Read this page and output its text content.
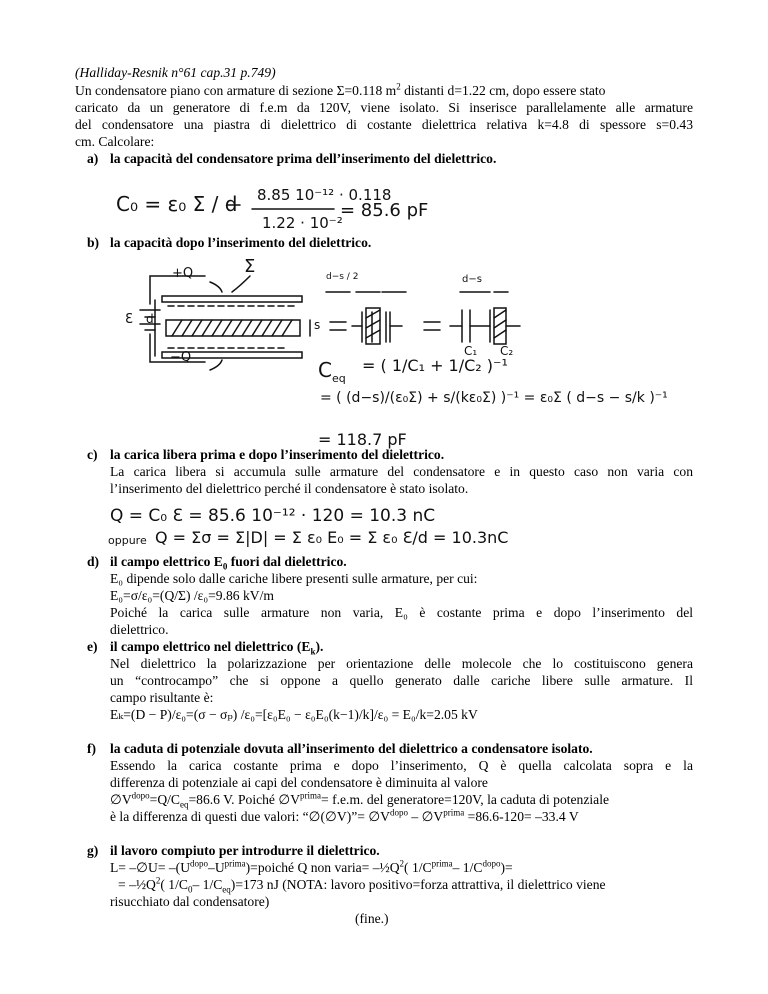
(Halliday-Resnik n°61 cap.31 p.749)
Un condensatore piano con armature di sezione Σ=0.118 $m^2$ distanti d=1.22 cm, dopo essere stato
caricato da un generatore di f.e.m da 120V, viene isolato. Si inserisce parallelamente alle armature
del condensatore una piastra di dielettrico di costante dielettrica relativa k=4.8 di spessore s=0.43
cm. Calcolare:
a) la capacità del condensatore prima dell’inserimento del dielettrico.
C₀ = ε₀ Σ / d 8.85 10⁻¹² · 0.118
1.22 · 10⁻²
= 85.6 pF
b) la capacità dopo l’inserimento del dielettrico.
Σ
+Q
−Q
Ɛ d	s
d−s / 2	d−s
C₁ C₂
$C_{eq}$
= ( 1/C₁ + 1/C₂ )⁻¹
= ( (d−s)/(ε₀Σ) + s/(kε₀Σ) )⁻¹ = ε₀Σ ( d−s − s/k )⁻¹
= 118.7 pF
c) la carica libera prima e dopo l’inserimento del dielettrico.
La carica libera si accumula sulle armature del condensatore e in questo caso non varia con
l’inserimento del dielettrico perché il condensatore è stato isolato.
Q = C₀ Ɛ = 85.6 10⁻¹² · 120 = 10.3 nC
oppure Q = Σσ = Σ|D| = Σ ε₀ E₀ = Σ ε₀ Ɛ/d = 10.3nC
d) il campo elettrico $E_0$ fuori dal dielettrico.
E₀ dipende solo dalle cariche libere presenti sulle armature, per cui:
E₀=σ/ε₀=(Q/Σ) /ε₀=9.86 kV/m
Poiché la carica sulle armature non varia, E₀ è costante prima e dopo l’inserimento del
dielettrico.
e) il campo elettrico nel dielettrico $(E_k)$.
Nel dielettrico la polarizzazione per orientazione delle molecole che lo costituiscono genera
un “controcampo” che si oppone a quello generato dalle cariche libere sulle armature. Il
campo risultante è:
Eₖ=(D − P)/ε₀=(σ − σₚ) /ε₀=[ε₀E₀ − ε₀E₀(k−1)/k]/ε₀ = E₀/k=2.05 kV
f) la caduta di potenziale dovuta all’inserimento del dielettrico a condensatore isolato.
Essendo la carica costante prima e dopo l’inserimento, Q è quella calcolata sopra e la
differenza di potenziale ai capi del condensatore è diminuita al valore
$\emptyset V^{dopo}=Q/C_{eq}=86.6$ V. Poiché $\emptyset V^{prima}= f.e.m$. del generatore=120V, la caduta di potenziale
è la differenza di questi due valori: “∅(∅V)”= $\emptyset V^{dopo}$ – $\emptyset V^{prima} =86.6-120= -33.4$ V
g) il lavoro compiuto per introdurre il dielettrico.
L= –∅U= $-(U^{dopo}-U^{prima})=poiché$ Q non varia= $-\frac{1}{2}Q^2$( $1/C^{prima}-$ $1/C^{dopo})=$
= $-\frac{1}{2}Q^2$( $1/C_0-$ $1/C_{eq})=173$ nJ (NOTA: lavoro positivo=forza attrattiva, il dielettrico viene
risucchiato dal condensatore)
(fine.)
